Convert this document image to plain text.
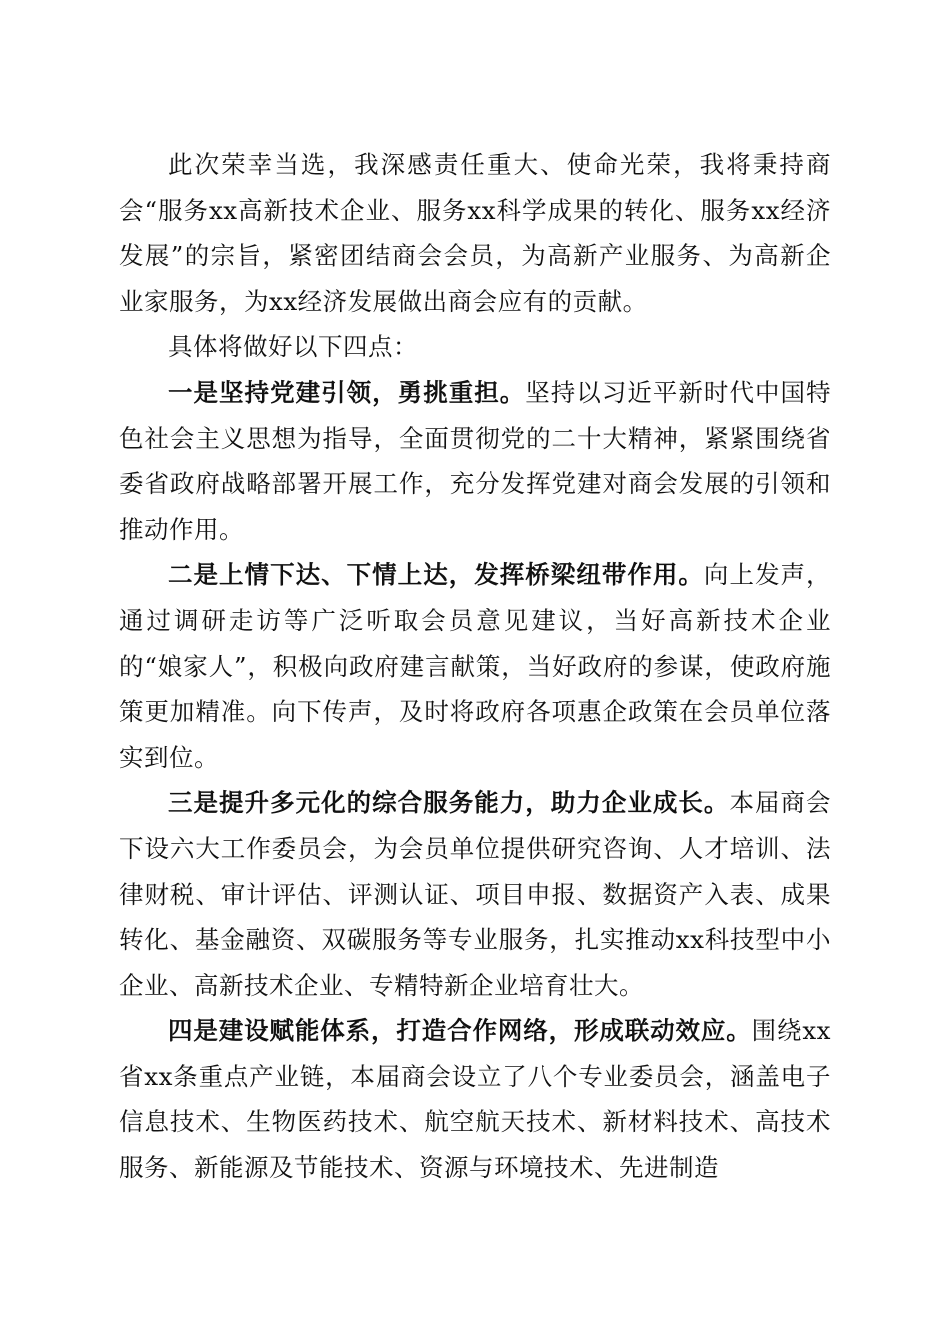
此次荣幸当选，我深感责任重大、使命光荣，我将秉持商会“服务xx高新技术企业、服务xx科学成果的转化、服务xx经济发展”的宗旨，紧密团结商会会员，为高新产业服务、为高新企业家服务，为xx经济发展做出商会应有的贡献。

具体将做好以下四点：

一是坚持党建引领，勇挑重担。坚持以习近平新时代中国特色社会主义思想为指导，全面贯彻党的二十大精神，紧紧围绕省委省政府战略部署开展工作，充分发挥党建对商会发展的引领和推动作用。

二是上情下达、下情上达，发挥桥梁纽带作用。向上发声，通过调研走访等广泛听取会员意见建议，当好高新技术企业的“娘家人”，积极向政府建言献策，当好政府的参谋，使政府施策更加精准。向下传声，及时将政府各项惠企政策在会员单位落实到位。

三是提升多元化的综合服务能力，助力企业成长。本届商会下设六大工作委员会，为会员单位提供研究咨询、人才培训、法律财税、审计评估、评测认证、项目申报、数据资产入表、成果转化、基金融资、双碳服务等专业服务，扎实推动xx科技型中小企业、高新技术企业、专精特新企业培育壮大。

四是建设赋能体系，打造合作网络，形成联动效应。围绕xx省xx条重点产业链，本届商会设立了八个专业委员会，涵盖电子信息技术、生物医药技术、航空航天技术、新材料技术、高技术服务、新能源及节能技术、资源与环境技术、先进制造
